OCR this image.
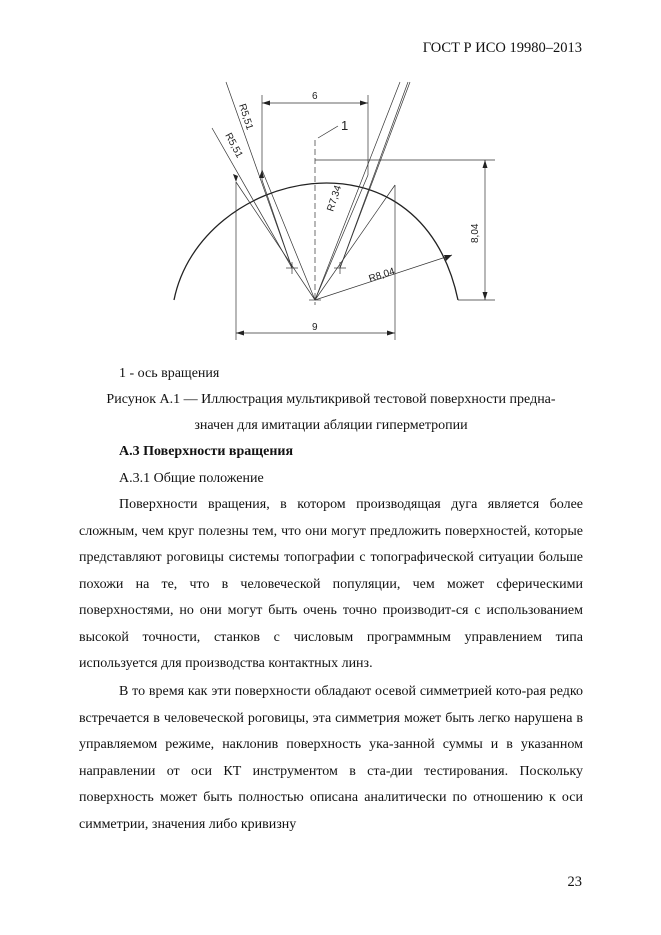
ГОСТ Р ИСО 19980–2013
6
9
8,04
R5,51
R5,51
R7,34
R8,04
1
1 - ось вращения
Рисунок А.1 — Иллюстрация мультикривой тестовой поверхности предна-
значен для имитации абляции гиперметропии
А.3 Поверхности вращения
А.3.1 Общие положение

Поверхности вращения, в котором производящая дуга является более сложным, чем круг полезны тем, что они могут предложить поверхностей, которые представляют роговицы системы топографии с топографической ситуации больше похожи на те, что в человеческой популяции, чем может сферическими поверхностями, но они могут быть очень точно производит-ся с использованием высокой точности, станков с числовым программным управлением типа используется для производства контактных линз.

В то время как эти поверхности обладают осевой симметрией кото-рая редко встречается в человеческой роговицы, эта симметрия может быть легко нарушена в управляемом режиме, наклонив поверхность ука-занной суммы и в указанном направлении от оси КТ инструментом в ста-дии тестирования. Поскольку поверхность может быть полностью описана аналитически по отношению к оси симметрии, значения либо кривизну

23
